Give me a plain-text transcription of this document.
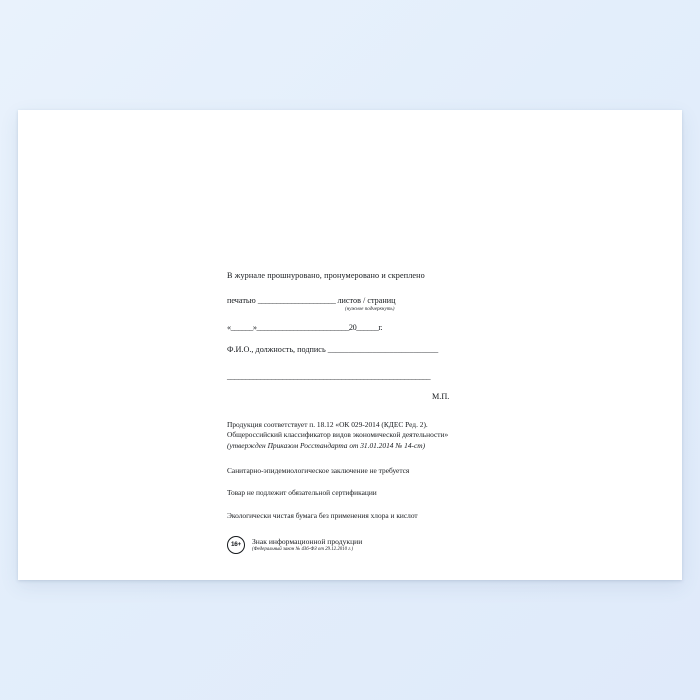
В журнале прошнуровано, пронумеровано и скреплено
печатью _____________________ листов / страниц
(нужное подчеркнуть)
«______»_________________________20______г.
Ф.И.О., должность, подпись ___________________________
_______________________________________________________
М.П.
Продукция соответствует п. 18.12 «ОК 029-2014 (КДЕС Ред. 2).
Общероссийский классификатор видов экономической деятельности»
(утвержден Приказом Росстандарта от 31.01.2014 № 14-ст)
Санитарно-эпидемиологическое заключение не требуется
Товар не подлежит обязательной сертификации
Экологически чистая бумага без применения хлора и кислот
16+	Знак информационной продукции
(Федеральный закон № 436-ФЗ от 29.12.2010 г.)
